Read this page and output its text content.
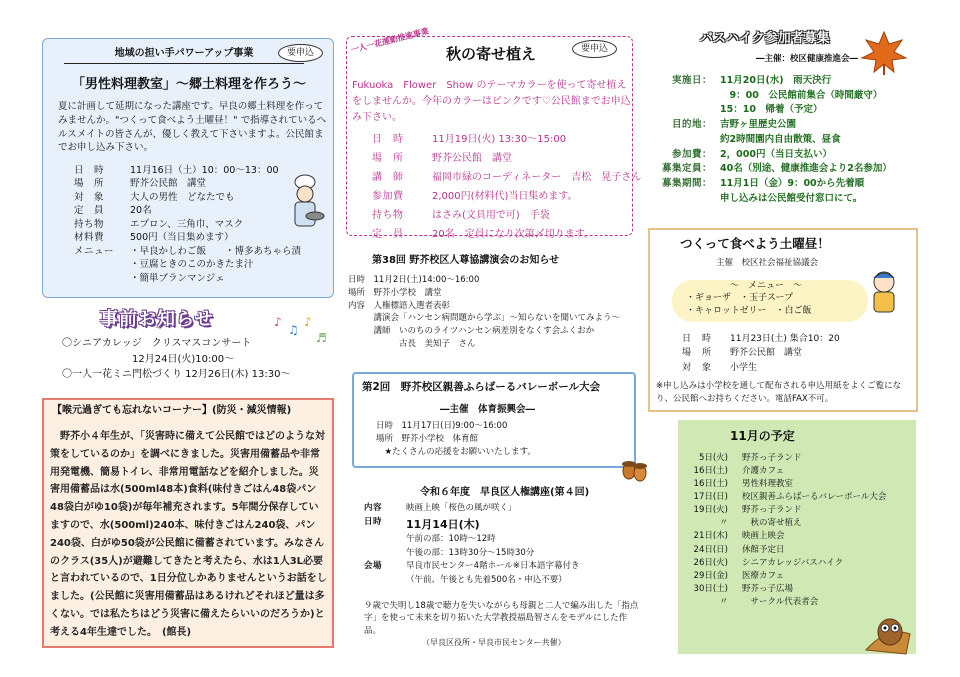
地域の担い手パワーアップ事業	要申込
「男性料理教室」～郷土料理を作ろう～
夏に計画して延期になった講座です。早良の郷土料理を作ってみませんか。"つくって食べよう土曜昼！" で指導されているヘルスメイトの皆さんが、優しく教えて下さいますよ。公民館までお申し込み下さい。
日　時	11月16日（土）10：00～13：00
場　所	野芥公民館　講堂
対　象	大人の男性　どなたでも
定　員	20名
持ち物	エプロン、三角巾、マスク
材料費	500円（当日集めます）
メニュー	・早良かしわご飯　　・博多あちゃら漬
・豆腐ときのこのかきたま汁
・簡単ブランマンジェ
事前お知らせ	♪
♫
♪
♬
〇シニアカレッジ　クリスマスコンサート
　　　　　　　12月24日(火)10:00～
〇一人一花ミニ門松づくり 12月26日(木) 13:30～
【喉元過ぎても忘れないコーナー】(防災・減災情報)
　野芥小４年生が、「災害時に備えて公民館ではどのような対策をしているのか」を調べにきました。災害用備蓄品や非常用発電機、簡易トイレ、非常用電話などを紹介しました。災害用備蓄品は水(500ml48本)食料(味付きごはん48袋パン48袋白がゆ10袋)が毎年補充されます。5年間分保存していますので、水(500ml)240本、味付きごはん240袋、パン240袋、白がゆ50袋が公民館に備蓄されています。みなさんのクラス(35人)が避難してきたと考えたら、水は1人3L必要と言われているので、1日分位しかありませんというお話をしました。(公民館に災害用備蓄品はあるけれどそれほど量は多くない。では私たちはどう災害に備えたらいいのだろうか)と考える4年生達でした。　(館長)
一人一花運動推進事業	秋の寄せ植え	要申込
Fukuoka　Flower　Show のテーマカラーを使って寄せ植えをしませんか。今年のカラーはピンクです♡公民館までお申込み下さい。
日　時	11月19日(火) 13:30～15:00
場　所	野芥公民館　講堂
講　師	福岡市緑のコーディネーター　吉松　晃子さん
参加費	2,000円(材料代)当日集めます。
持ち物	はさみ(文具用で可)　手袋
定　員	20名　定員になり次第〆切ります。
第38回 野芥校区人尊協講演会のお知らせ
日時　11月2日(土)14:00～16:00
場所　野芥小学校　講堂
内容　人権標語入選者表彰
　　　講演会「ハンセン病問題から学ぶ」～知らないを聞いてみよう～
　　　講師　いのちのライツハンセン病差別をなくす会ふくおか
　　　　　　古長　美知子　さん
第2回　野芥校区親善ふらばーるバレーボール大会
―主催　体育振興会―
日時　11月17日(日)9:00～16:00
場所　野芥小学校　体育館
　★たくさんの応援をお願いいたします。
令和６年度　早良区人権講座(第４回)
内容	映画上映「桜色の風が咲く」
日時	11月14日(木)
午前の部：10時～12時
午後の部：13時30分～15時30分
会場	早良市民センター4階ホール※日本語字幕付き
（午前、午後とも先着500名・申込不要）
９歳で失明し18歳で聴力を失いながらも母親と二人で編み出した「指点字」を使って未来を切り拓いた大学教授福島智さんをモデルにした作品。
（早良区役所・早良市民センター共催）
バスハイク参加者募集
―主催：校区健康推進会―
実施日： 11月20日(水)　雨天決行
　9：00　公民館前集合（時間厳守）
15：10　帰着（予定）
目的地： 吉野ヶ里歴史公園
約2時間園内自由散策、昼食
参加費： 2，000円（当日支払い）
募集定員： 40名（別途、健康推進会より2名参加）
募集期間： 11月1日（金）9：00から先着順
申し込みは公民館受付窓口にて。
つくって食べよう土曜昼！
主催　校区社会福祉協議会
～　メニュー　～
・ギョーザ　・玉子スープ
・キャロットゼリー　・白ご飯
日　時	11月23日(土) 集合10：20
場　所	野芥公民館　講堂
対　象	小学生
※申し込みは小学校を通して配布される申込用紙をよくご覧になり、公民館へお持ちください。電話FAX不可。
11月の予定
5日(火)	野芥っ子ランド
16日(土)	介護カフェ
16日(土)	男性料理教室
17日(日)	校区親善ふらばーるバレーボール大会
19日(火)	野芥っ子ランド
〃	　秋の寄せ植え
21日(木)	映画上映会
24日(日)	休館予定日
26日(火)	シニアカレッジバスハイク
29日(金)	医療カフェ
30日(土)	野芥っ子広場
〃	　サークル代表者会
